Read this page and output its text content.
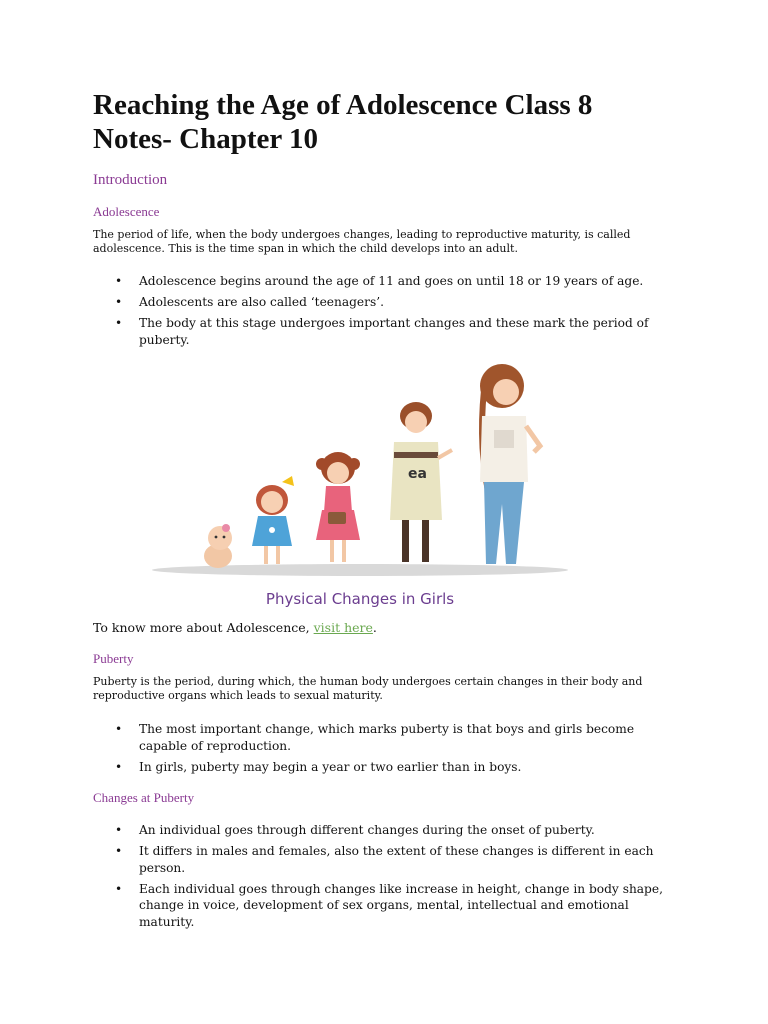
Reaching the Age of Adolescence Class 8 Notes- Chapter 10
Introduction
Adolescence
The period of life, when the body undergoes changes, leading to reproductive maturity, is called adolescence. This is the time span in which the child develops into an adult.
• Adolescence begins around the age of 11 and goes on until 18 or 19 years of age.
• Adolescents are also called ‘teenagers’.
• The body at this stage undergoes important changes and these mark the period of puberty.
ea
Physical Changes in Girls
To know more about Adolescence, visit here.
Puberty
Puberty is the period, during which, the human body undergoes certain changes in their body and reproductive organs which leads to sexual maturity.
• The most important change, which marks puberty is that boys and girls become capable of reproduction.
• In girls, puberty may begin a year or two earlier than in boys.
Changes at Puberty
• An individual goes through different changes during the onset of puberty.
• It differs in males and females, also the extent of these changes is different in each person.
• Each individual goes through changes like increase in height, change in body shape, change in voice, development of sex organs, mental, intellectual and emotional maturity.
